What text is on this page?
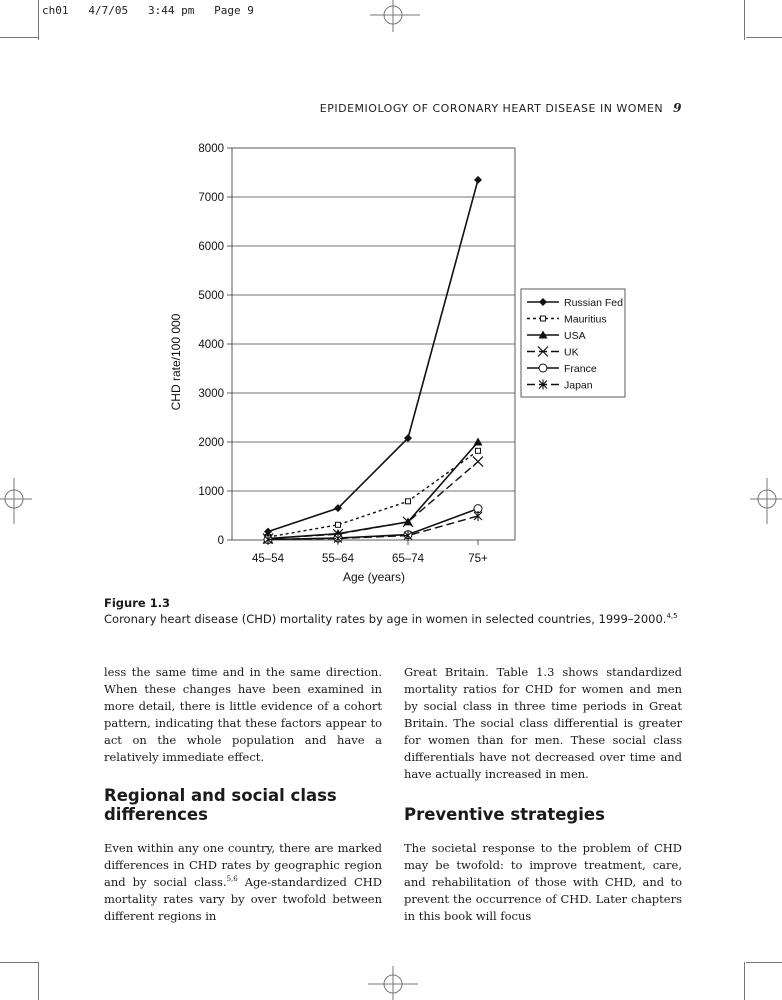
ch01   4/7/05   3:44 pm   Page 9
EPIDEMIOLOGY OF CORONARY HEART DISEASE IN WOMEN 9
0
1000
2000
3000
4000
5000
6000
7000
8000
45–54	55–64	65–74	75+
Age (years)
CHD rate/100 000
Russian Fed
Mauritius
USA
UK
France
Japan
Figure 1.3
Coronary heart disease (CHD) mortality rates by age in women in selected countries, 1999–2000.$^{4,5}$

less the same time and in the same direction. When these changes have been examined in more detail, there is little evidence of a cohort pattern, indicating that these factors appear to act on the whole population and have a relatively immediate effect.

Regional and social class differences

Even within any one country, there are marked differences in CHD rates by geographic region and by social class.$^{5,6}$ Age-standardized CHD mortality rates vary by over twofold between different regions in

Great Britain. Table 1.3 shows standardized mortality ratios for CHD for women and men by social class in three time periods in Great Britain. The social class differential is greater for women than for men. These social class differentials have not decreased over time and have actually increased in men.

Preventive strategies

The societal response to the problem of CHD may be twofold: to improve treatment, care, and rehabilitation of those with CHD, and to prevent the occurrence of CHD. Later chapters in this book will focus
